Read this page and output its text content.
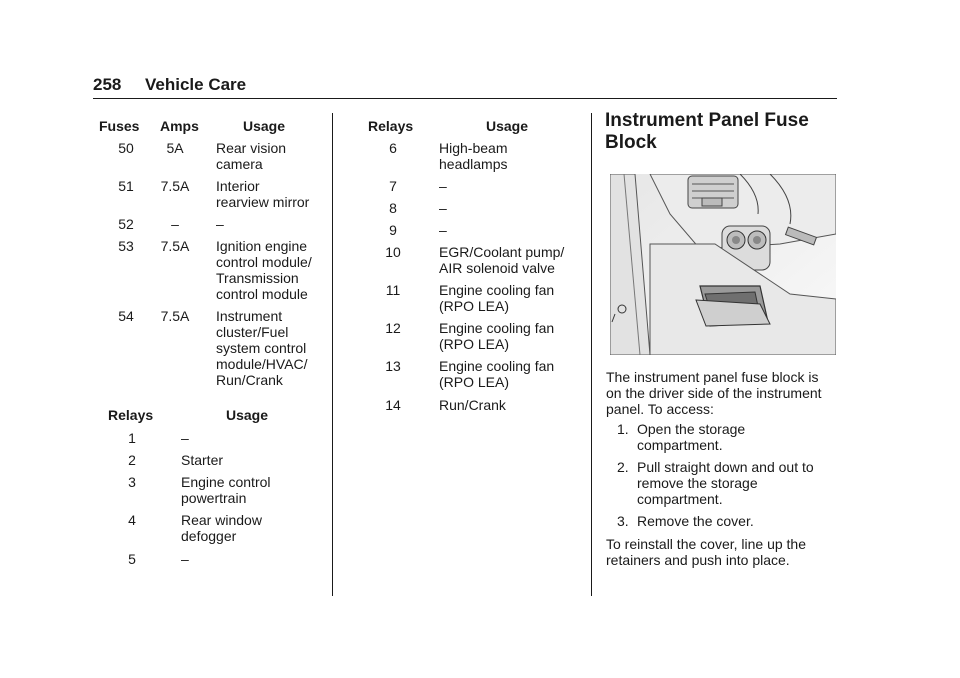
258 Vehicle Care
Fuses Amps	Usage
50	5A	Rear vision
camera
51	7.5A Interior
rearview mirror
52	–	–
53	7.5A Ignition engine
control module/
Transmission
control module
54	7.5A Instrument
cluster/Fuel
system control
module/HVAC/
Run/Crank
Relays	Usage
1	–
2	Starter
3	Engine control
powertrain
4	Rear window
defogger
5	–
Relays	Usage
6	High-beam
headlamps
7	–
8	–
9	–
10	EGR/Coolant pump/
AIR solenoid valve
11	Engine cooling fan
(RPO LEA)
12	Engine cooling fan
(RPO LEA)
13	Engine cooling fan
(RPO LEA)
14	Run/Crank
Instrument Panel Fuse
Block
The instrument panel fuse block is
on the driver side of the instrument
panel. To access:
1. Open the storage
compartment.
2. Pull straight down and out to
remove the storage
compartment.
3. Remove the cover.
To reinstall the cover, line up the
retainers and push into place.
